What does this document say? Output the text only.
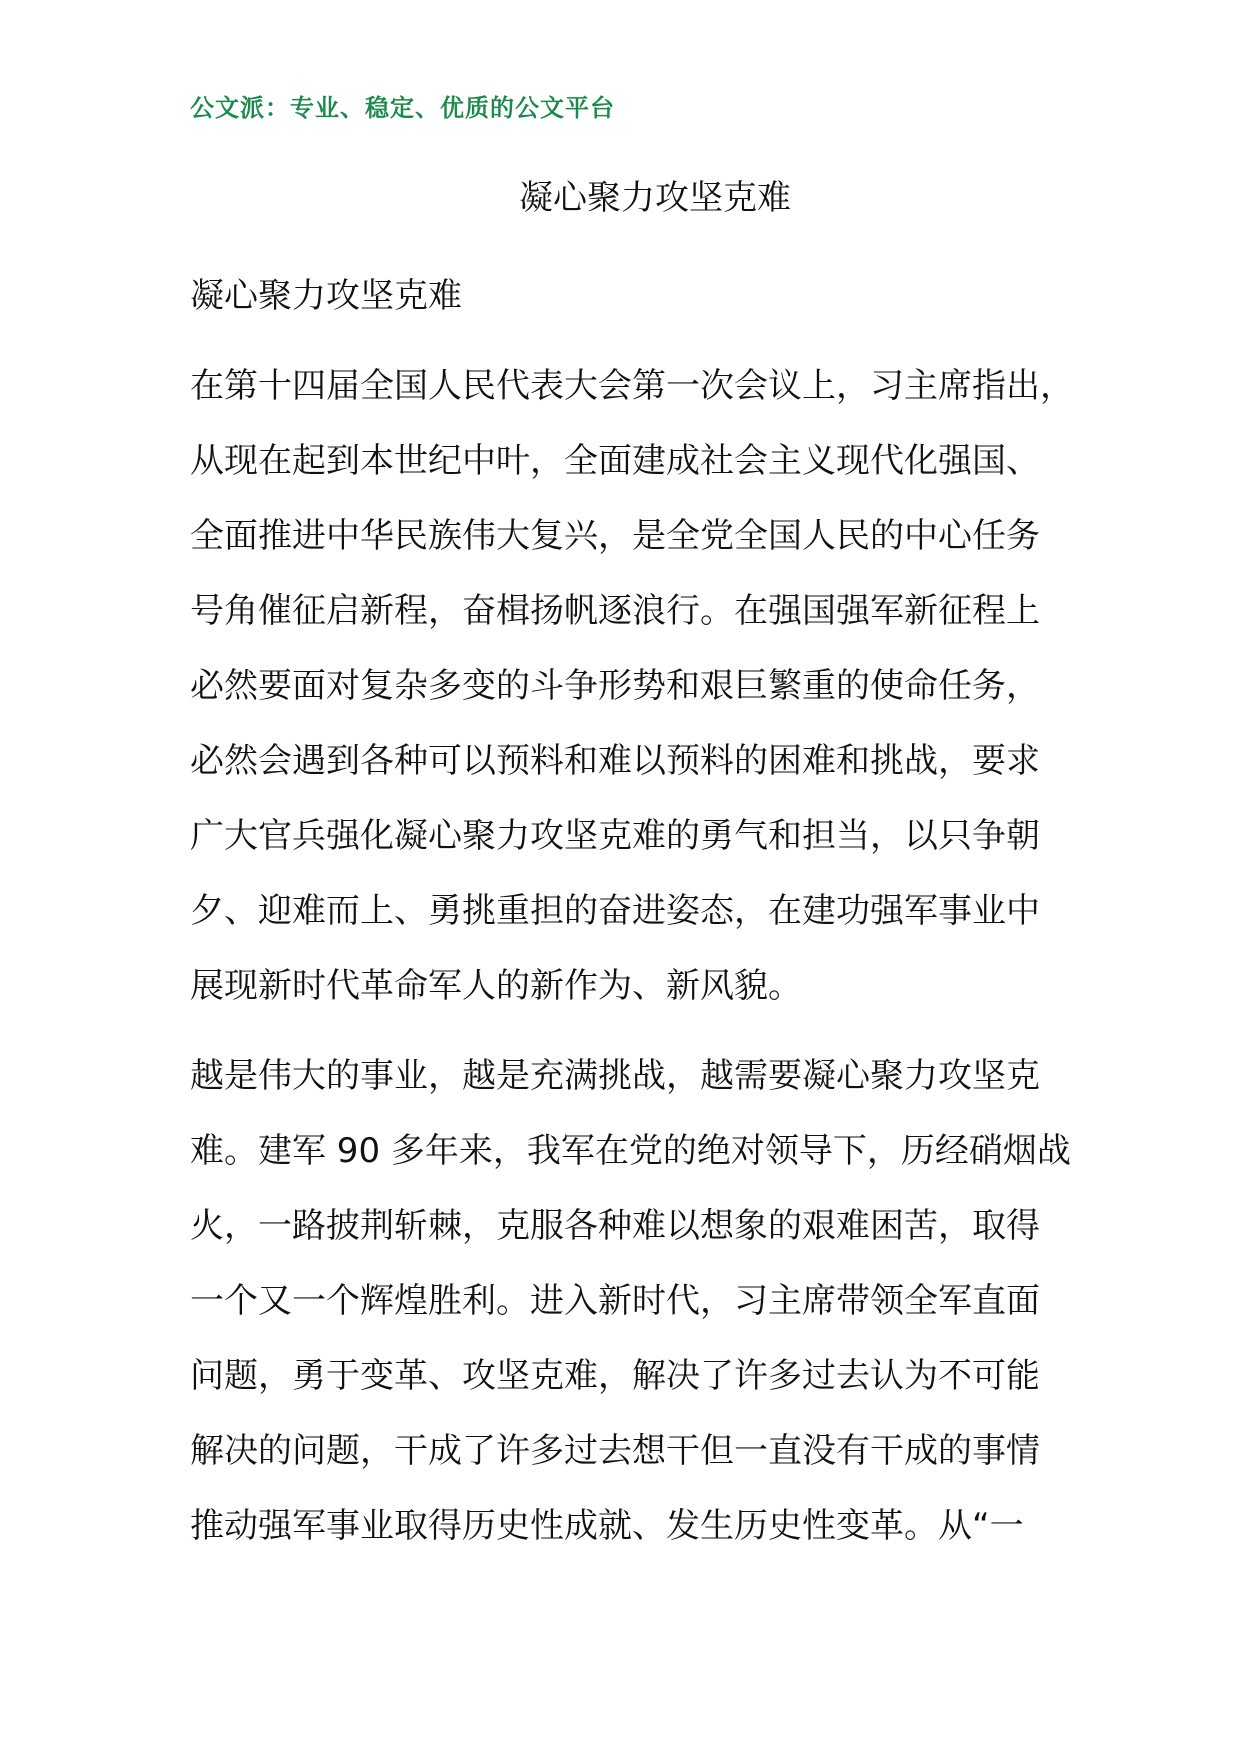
公文派：专业、稳定、优质的公文平台
凝心聚力攻坚克难
凝心聚力攻坚克难
在第十四届全国人民代表大会第一次会议上，习主席指出，
从现在起到本世纪中叶，全面建成社会主义现代化强国、
全面推进中华民族伟大复兴，是全党全国人民的中心任务
号角催征启新程，奋楫扬帆逐浪行。在强国强军新征程上
必然要面对复杂多变的斗争形势和艰巨繁重的使命任务，
必然会遇到各种可以预料和难以预料的困难和挑战，要求
广大官兵强化凝心聚力攻坚克难的勇气和担当，以只争朝
夕、迎难而上、勇挑重担的奋进姿态，在建功强军事业中
展现新时代革命军人的新作为、新风貌。
越是伟大的事业，越是充满挑战，越需要凝心聚力攻坚克
难。建军 90 多年来，我军在党的绝对领导下，历经硝烟战
火，一路披荆斩棘，克服各种难以想象的艰难困苦，取得
一个又一个辉煌胜利。进入新时代，习主席带领全军直面
问题，勇于变革、攻坚克难，解决了许多过去认为不可能
解决的问题，干成了许多过去想干但一直没有干成的事情
推动强军事业取得历史性成就、发生历史性变革。从“一
